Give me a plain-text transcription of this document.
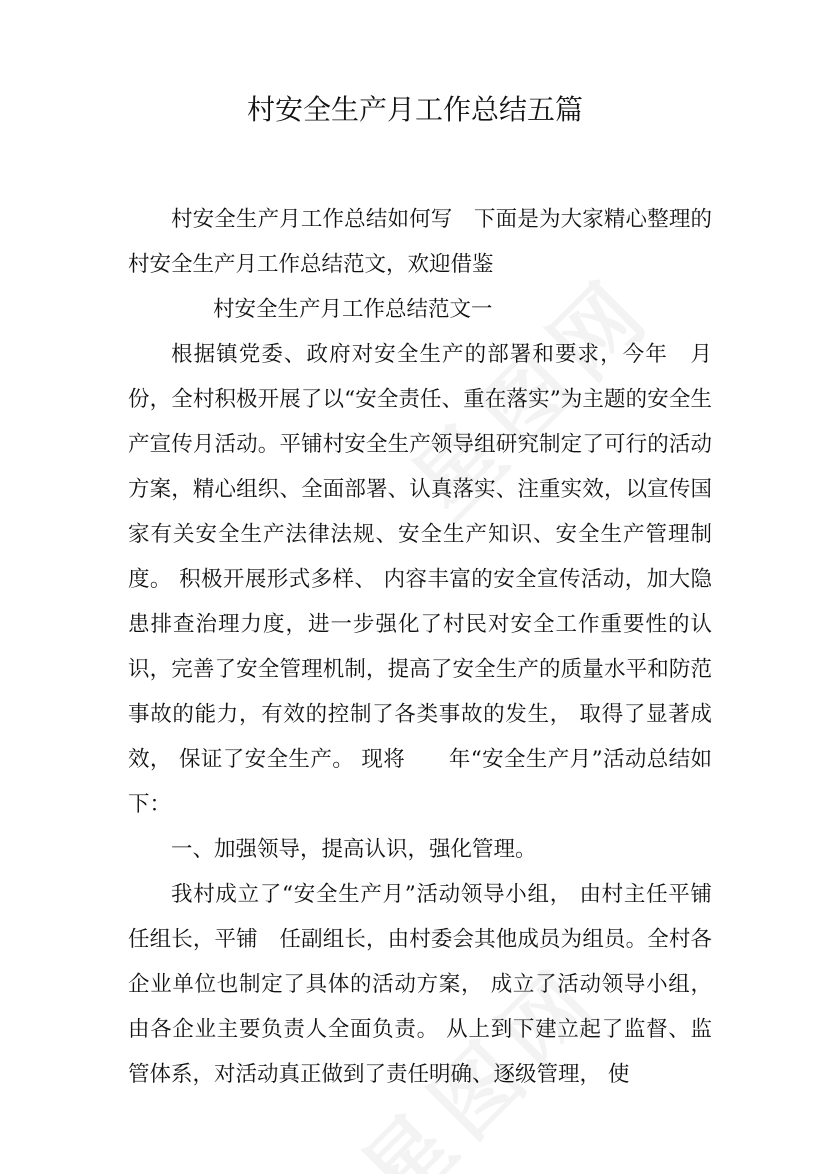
村安全生产月工作总结五篇

村安全生产月工作总结如何写　下面是为大家精心整理的村安全生产月工作总结范文，欢迎借鉴

村安全生产月工作总结范文一

根据镇党委、政府对安全生产的部署和要求，今年　月份，全村积极开展了以“安全责任、重在落实”为主题的安全生产宣传月活动。平铺村安全生产领导组研究制定了可行的活动方案，精心组织、全面部署、认真落实、注重实效，以宣传国家有关安全生产法律法规、安全生产知识、安全生产管理制度。 积极开展形式多样、 内容丰富的安全宣传活动，加大隐患排查治理力度，进一步强化了村民对安全工作重要性的认识，完善了安全管理机制，提高了安全生产的质量水平和防范事故的能力，有效的控制了各类事故的发生， 取得了显著成效， 保证了安全生产。 现将　　年“安全生产月”活动总结如下：

一、加强领导，提高认识，强化管理。

我村成立了“安全生产月”活动领导小组， 由村主任平铺　任组长，平铺　任副组长，由村委会其他成员为组员。全村各企业单位也制定了具体的活动方案， 成立了活动领导小组， 由各企业主要负责人全面负责。 从上到下建立起了监督、监管体系，对活动真正做到了责任明确、逐级管理， 使
